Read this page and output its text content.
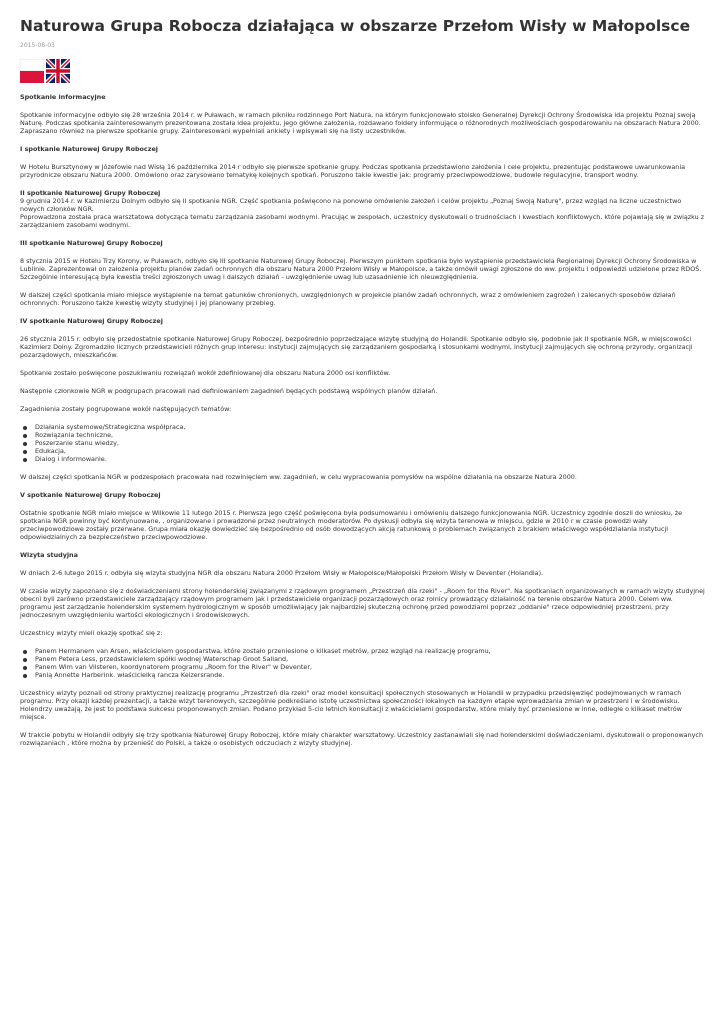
Naturowa Grupa Robocza działająca w obszarze Przełom Wisły w Małopolsce
2015-08-03
Spotkanie informacyjne

Spotkanie informacyjne odbyło się 28 września 2014 r. w Puławach, w ramach pikniku rodzinnego Port Natura, na którym funkcjonowało stoisko Generalnej Dyrekcji Ochrony Środowiska ida projektu Poznaj swoją Naturę. Podczas spotkania zainteresowanym prezentowana została idea projektu, jego główne założenia, rozdawano foldery informujące o różnorodnych możliwościach gospodarowaniu na obszarach Natura 2000. Zapraszano również na pierwsze spotkanie grupy. Zainteresowani wypełniali ankiety i wpisywali się na listy uczestników.

I spotkanie Naturowej Grupy Roboczej

W Hotelu Bursztynowy w Józefowie nad Wisłą 16 października 2014 r odbyło się pierwsze spotkanie grupy. Podczas spotkania przedstawiono założenia i cele projektu, prezentując podstawowe uwarunkowania przyrodnicze obszaru Natura 2000. Omówiono oraz zarysowano tematykę kolejnych spotkań. Poruszono takie kwestie jak: programy przeciwpowodziowe, budowle regulacyjne, transport wodny.

II spotkanie Naturowej Grupy Roboczej

9 grudnia 2014 r. w Kazimierzu Dolnym odbyło się II spotkanie NGR. Część spotkania poświęcono na ponowne omówienie założeń i celów projektu „Poznaj Swoją Naturę", przez wzgląd na liczne uczestnictwo nowych członków NGR.

Poprowadzona została praca warsztatowa dotycząca tematu zarządzania zasobami wodnymi. Pracując w zespołach, uczestnicy dyskutowali o trudnościach i kwestiach konfliktowych, które pojawiają się w związku z zarządzaniem zasobami wodnymi.

III spotkanie Naturowej Grupy Roboczej

8 stycznia 2015 w Hotelu Trzy Korony, w Puławach, odbyło się III spotkanie Naturowej Grupy Roboczej. Pierwszym punktem spotkania było wystąpienie przedstawiciela Regionalnej Dyrekcji Ochrony Środowiska w Lublinie. Zaprezentował on założenia projektu planów zadań ochronnych dla obszaru Natura 2000 Przełom Wisły w Małopolsce, a także omówił uwagi zgłoszone do ww. projektu i odpowiedzi udzielone przez RDOŚ. Szczególnie interesującą była kwestia treści zgłoszonych uwag i dalszych działań - uwzględnienie uwag lub uzasadnienie ich nieuwzględnienia.

W dalszej części spotkania miało miejsce wystąpienie na temat gatunków chronionych, uwzględnionych w projekcie planów zadań ochronnych, wraz z omówieniem zagrożeń i zalecanych sposobów działań ochronnych. Poruszono także kwestię wizyty studyjnej i jej planowany przebieg.

IV spotkanie Naturowej Grupy Roboczej

26 stycznia 2015 r. odbyło się przedostatnie spotkanie Naturowej Grupy Roboczej, bezpośrednio poprzedzające wizytę studyjną do Holandii. Spotkanie odbyło się, podobnie jak II spotkanie NGR, w miejscowości Kazimierz Dolny. Zgromadziło licznych przedstawicieli różnych grup interesu: instytucji zajmujących się zarządzaniem gospodarką i stosunkami wodnymi, instytucji zajmujących się ochroną przyrody, organizacji pozarządowych, mieszkańców.

Spotkanie zostało poświęcone poszukiwaniu rozwiązań wokół zdefiniowanej dla obszaru Natura 2000 osi konfliktów.

Następnie członkowie NGR w podgrupach pracowali nad definiowaniem zagadnień będących podstawą wspólnych planów działań.

Zagadnienia zostały pogrupowane wokół następujących tematów:

Działania systemowe/Strategiczna współpraca,
Rozwiązania techniczne,
Poszerzanie stanu wiedzy,
Edukacja,
Dialog i informowanie.

W dalszej części spotkania NGR w podzespołach pracowała nad rozwinięciem ww. zagadnień, w celu wypracowania pomysłów na wspólne działania na obszarze Natura 2000.

V spotkanie Naturowej Grupy Roboczej

Ostatnie spotkanie NGR miało miejsce w Wilkowie 11 lutego 2015 r. Pierwsza jego część poświęcona była podsumowaniu i omówieniu dalszego funkcjonowania NGR. Uczestnicy zgodnie doszli do wniosku, że spotkania NGR powinny być kontynuowane, , organizowane i prowadzone przez neutralnych moderatorów. Po dyskusji odbyła się wizyta terenowa w miejscu, gdzie w 2010 r w czasie powodzi wały przeciwpowodziowe zostały przerwane. Grupa miała okazję dowiedzieć się bezpośrednio od osób dowodzących akcją ratunkową o problemach związanych z brakiem właściwego współdziałania instytucji odpowiedzialnych za bezpieczeństwo przeciwpowodziowe.

Wizyta studyjna

W dniach 2-6 lutego 2015 r. odbyła się wizyta studyjna NGR dla obszaru Natura 2000 Przełom Wisły w Małopolsce/Małopolski Przełom Wisły w Deventer (Holandia).

W czasie wizyty zapoznano się z doświadczeniami strony holenderskiej związanymi z rządowym programem „Przestrzeń dla rzeki" - „Room for the River". Na spotkaniach organizowanych w ramach wizyty studyjnej obecni byli zarówno przedstawiciele zarządzający rządowym programem jak i przedstawiciele organizacji pozarządowych oraz rolnicy prowadzący działalność na terenie obszarów Natura 2000. Celem ww. programu jest zarządzanie holenderskim systemem hydrologicznym w sposób umożliwiający jak najbardziej skuteczną ochronę przed powodziami poprzez „oddanie" rzece odpowiedniej przestrzeni, przy jednoczesnym uwzględnieniu wartości ekologicznych i środowiskowych.

Uczestnicy wizyty mieli okazję spotkać się z:

Panem Hermanem van Arsen, właścicielem gospodarstwa, które zostało przeniesione o kilkaset metrów, przez wzgląd na realizację programu,
Panem Petera Less, przedstawicielem spółki wodnej Waterschap Groot Salland,
Panem Wim van Vilsteren, koordynatorem programu „Room for the River" w Deventer,
Panią Annette Harberink. właścicielką rancza Keizersrande.

Uczestnicy wizyty poznali od strony praktycznej realizację programu „Przestrzeń dla rzeki" oraz model konsultacji społecznych stosowanych w Holandii w przypadku przedsięwzięć podejmowanych w ramach programu. Przy okazji każdej prezentacji, a także wizyt terenowych, szczególnie podkreślano istotę uczestnictwa społeczności lokalnych na każdym etapie wprowadzania zmian w przestrzeni i w środowisku. Holendrzy uważają, że jest to podstawa sukcesu proponowanych zmian. Podano przykład 5-cio letnich konsultacji z właścicielami gospodarstw, które miały być przeniesione w inne, odległe o kilkaset metrów miejsce.

W trakcie pobytu w Holandii odbyły się trzy spotkania Naturowej Grupy Roboczej, które miały charakter warsztatowy. Uczestnicy zastanawiali się nad holenderskimi doświadczeniami, dyskutowali o proponowanych rozwiązaniach , które można by przenieść do Polski, a także o osobistych odczuciach z wizyty studyjnej.
